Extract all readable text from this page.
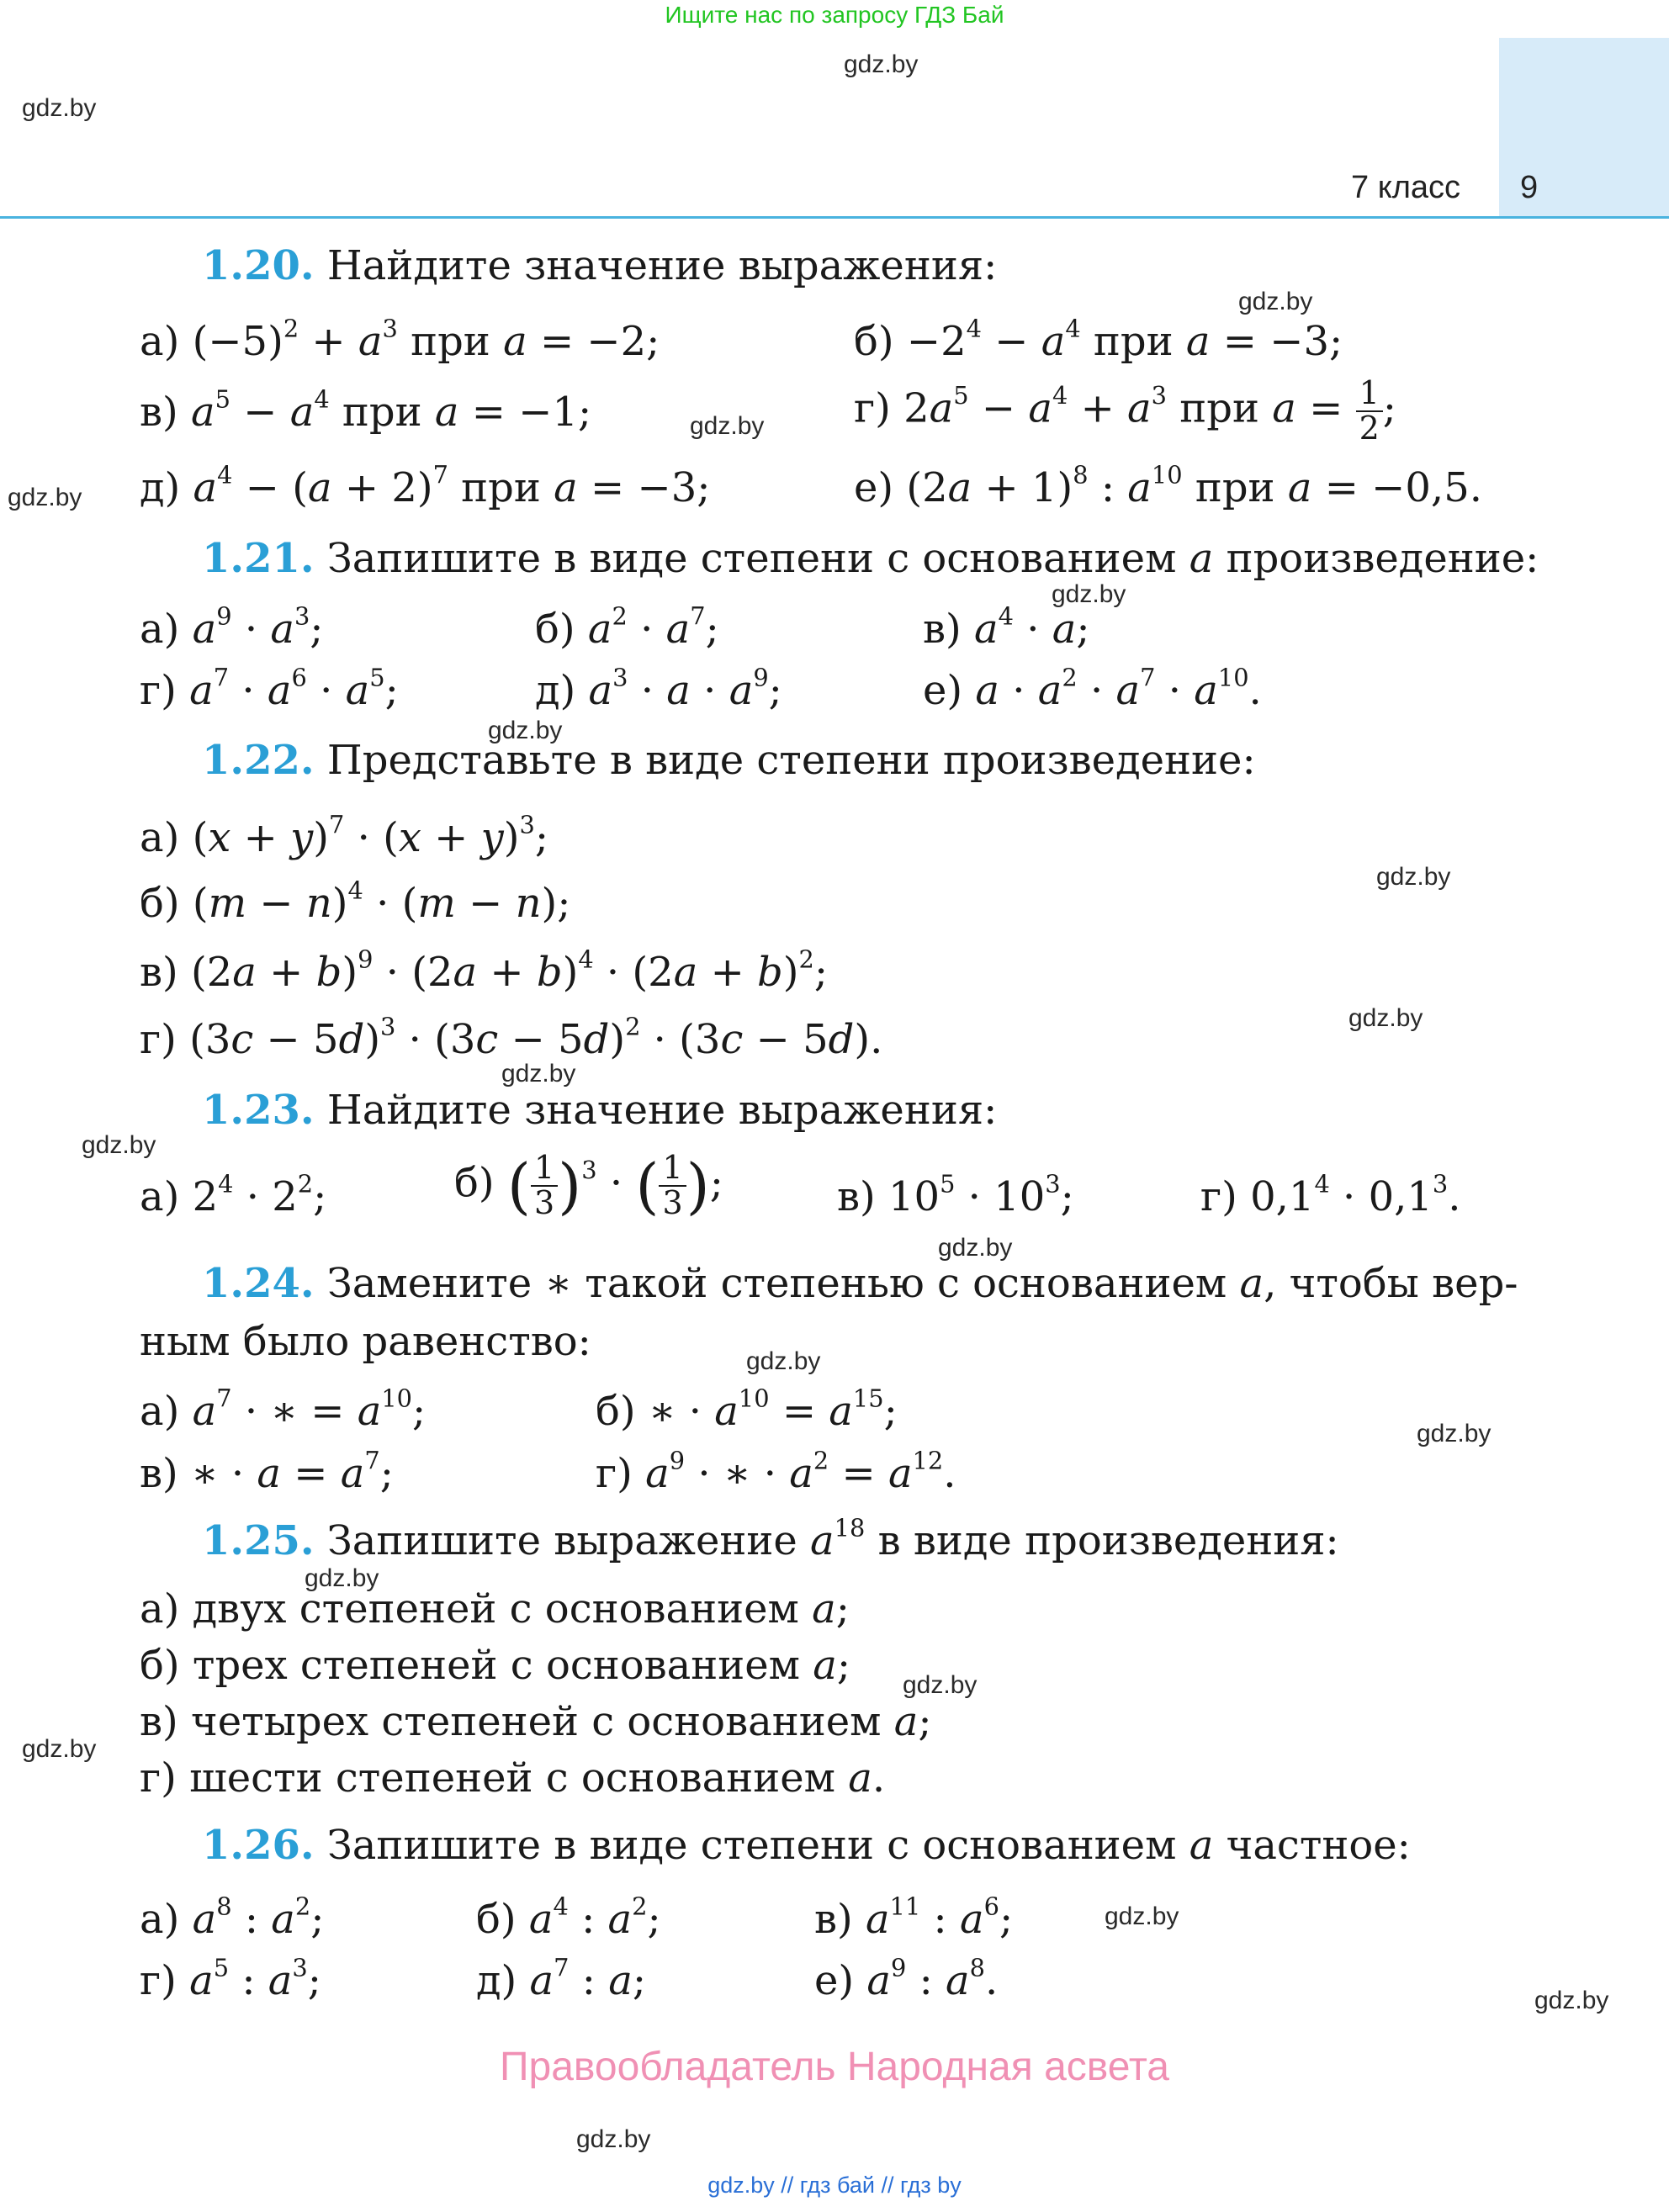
Ищите нас по запросу ГДЗ Бай
7 класс 9
gdz.by
gdz.by
gdz.by
gdz.by
gdz.by
gdz.by
gdz.by
gdz.by
gdz.by
gdz.by
gdz.by
gdz.by
gdz.by
gdz.by
gdz.by
gdz.by
gdz.by
gdz.by
gdz.by
gdz.by
1.20. Найдите значение выражения:
а) $(-5)^2 + a^3$ при a = −2;	$б) -2^4 - a^4$ при a = −3;
в) $a^5 - a^4$ при a = −1;	г) $2a^5 - a^4 + a^3$ при $a = \frac{1}{2}$ ;
д) $a^4 - (a + 2)^7$ при a = −3;	е) $(2a + 1)^8$ : $a^{10}$ при a = −0,5.
1.21. Запишите в виде степени с основанием a произведение:
а) $a^9 \cdot a^3$;	б) $a^2 \cdot a^7$;	в) $a^4 \cdot a$;
г) $a^7 \cdot a^6 \cdot a^5$;	д) $a^3 \cdot a \cdot a^9$;	е) $a \cdot a^2 \cdot a^7 \cdot a^{10}$.
1.22. Представьте в виде степени произведение:
а) $(x + y)^7 \cdot (x + y)^3$;
б) $(m - n)^4 \cdot (m - n)$;
в) $(2a + b)^9 \cdot (2a + b)^4 \cdot (2a + b)^2$;
г) $(3c - 5d)^3 \cdot (3c - 5d)^2 \cdot (3c - 5d)$.
1.23. Найдите значение выражения:
а) $2^4 \cdot 2^2$;	б) ( $\frac{1}{3} )^3$ · ( $\frac{1}{3}$ );	в) $10^5 \cdot 10^3$;	г) $0,1^4 \cdot 0,1^3$.
1.24. Замените ∗ такой степенью с основанием a, чтобы вер-
ным было равенство:
а) $a^7$ · ∗ = $a^{10}$;	б) ∗ · $a^{10} = a^{15}$;
в) ∗ · $a = a^7$;	г) $a^9$ · ∗ · $a^2 = a^{12}$.
1.25. Запишите выражение $a^{18}$ в виде произведения:
а) двух степеней с основанием a;
б) трех степеней с основанием a;
в) четырех степеней с основанием a;
г) шести степеней с основанием a.
1.26. Запишите в виде степени с основанием a частное:
а) $a^8$ : $a^2$;	б) $a^4$ : $a^2$;	в) $a^{11}$ : $a^6$;
г) $a^5$ : $a^3$;	д) $a^7$ : a;	е) $a^9$ : $a^8$.
Правообладатель Народная асвета
gdz.by // гдз бай // гдз by
